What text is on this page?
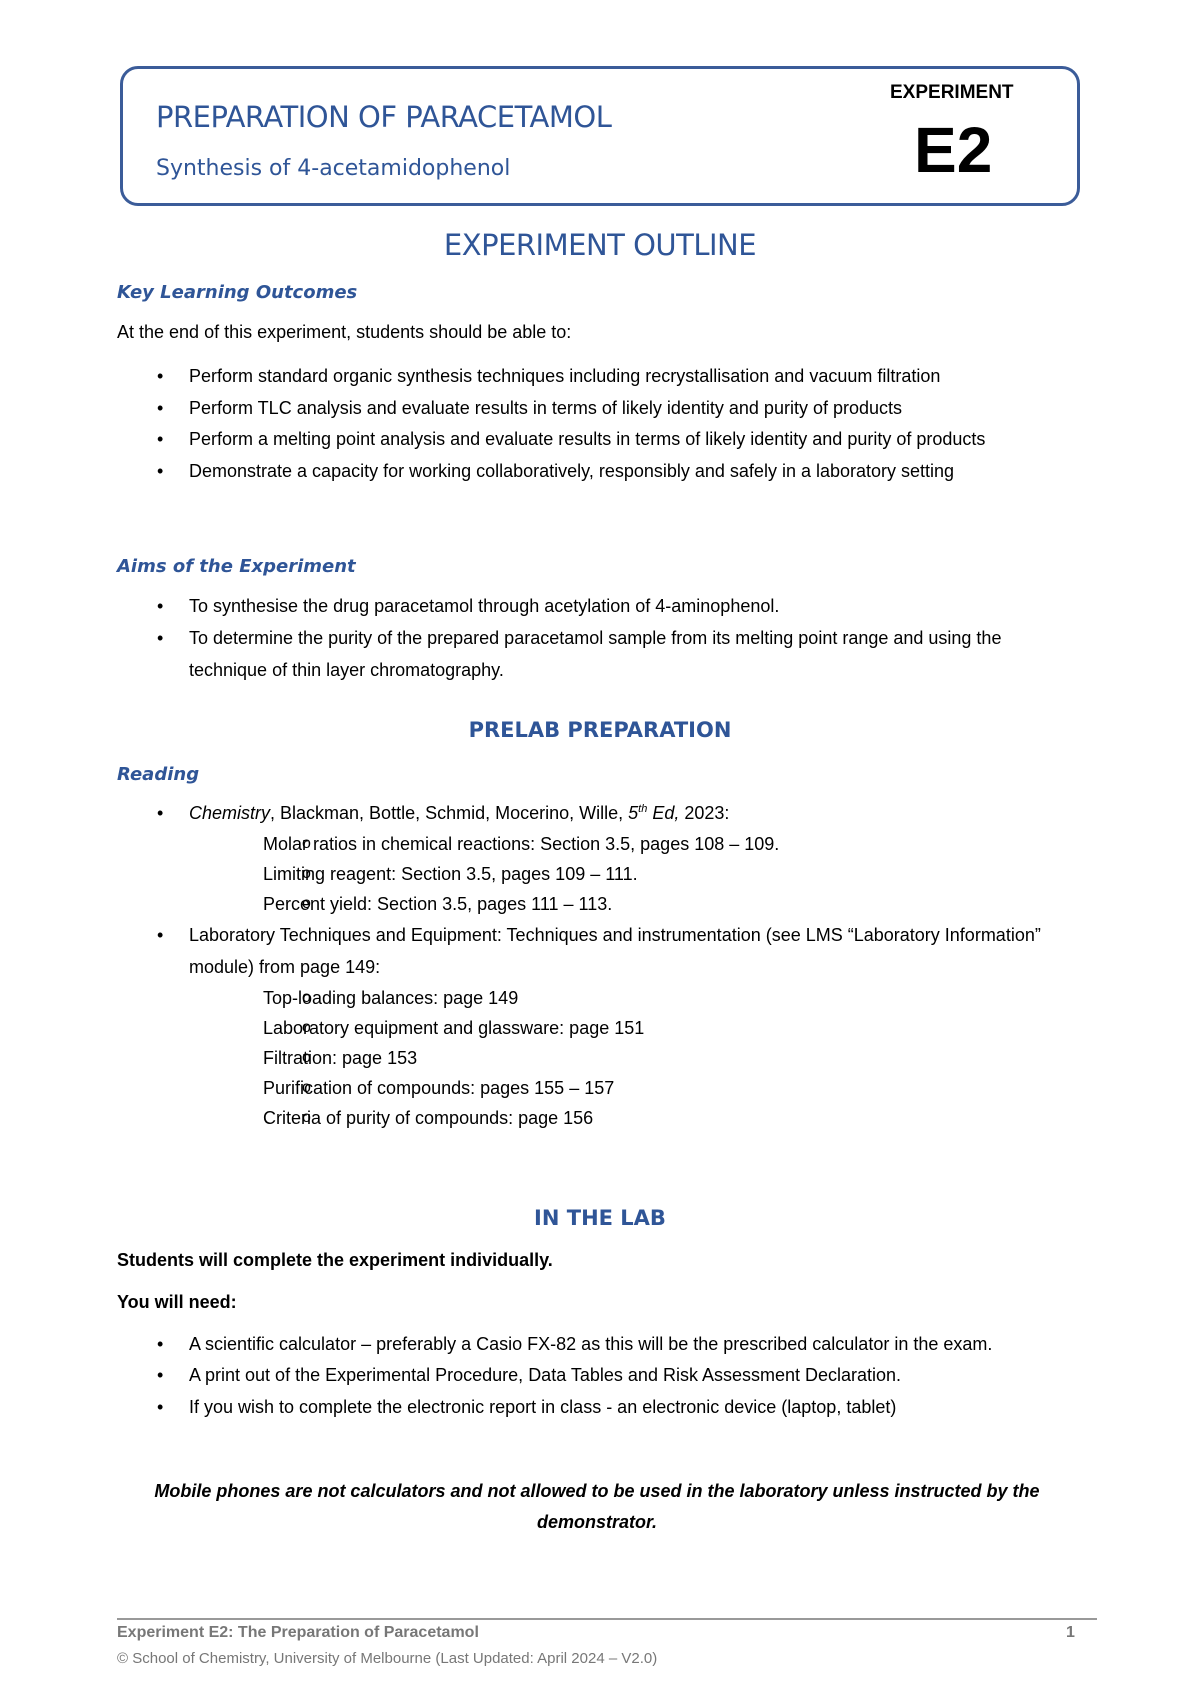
PREPARATION OF PARACETAMOL
Synthesis of 4-acetamidophenol
EXPERIMENT
E2
EXPERIMENT OUTLINE
Key Learning Outcomes
At the end of this experiment, students should be able to:
• Perform standard organic synthesis techniques including recrystallisation and vacuum filtration
• Perform TLC analysis and evaluate results in terms of likely identity and purity of products
• Perform a melting point analysis and evaluate results in terms of likely identity and purity of products
• Demonstrate a capacity for working collaboratively, responsibly and safely in a laboratory setting
Aims of the Experiment
• To synthesise the drug paracetamol through acetylation of 4-aminophenol.
• To determine the purity of the prepared paracetamol sample from its melting point range and using the technique of thin layer chromatography.
PRELAB PREPARATION
Reading
• Chemistry, Blackman, Bottle, Schmid, Mocerino, Wille, 5th Ed, 2023:
o Molar ratios in chemical reactions: Section 3.5, pages 108 – 109.
o Limiting reagent: Section 3.5, pages 109 – 111.
o Percent yield: Section 3.5, pages 111 – 113.
• Laboratory Techniques and Equipment: Techniques and instrumentation (see LMS “Laboratory Information” module) from page 149:
o Top-loading balances: page 149
o Laboratory equipment and glassware: page 151
o Filtration: page 153
o Purification of compounds: pages 155 – 157
o Criteria of purity of compounds: page 156
IN THE LAB
Students will complete the experiment individually.
You will need:
• A scientific calculator – preferably a Casio FX-82 as this will be the prescribed calculator in the exam.
• A print out of the Experimental Procedure, Data Tables and Risk Assessment Declaration.
• If you wish to complete the electronic report in class - an electronic device (laptop, tablet)
Mobile phones are not calculators and not allowed to be used in the laboratory unless instructed by the demonstrator.
Experiment E2: The Preparation of Paracetamol	1
© School of Chemistry, University of Melbourne (Last Updated: April 2024 – V2.0)
